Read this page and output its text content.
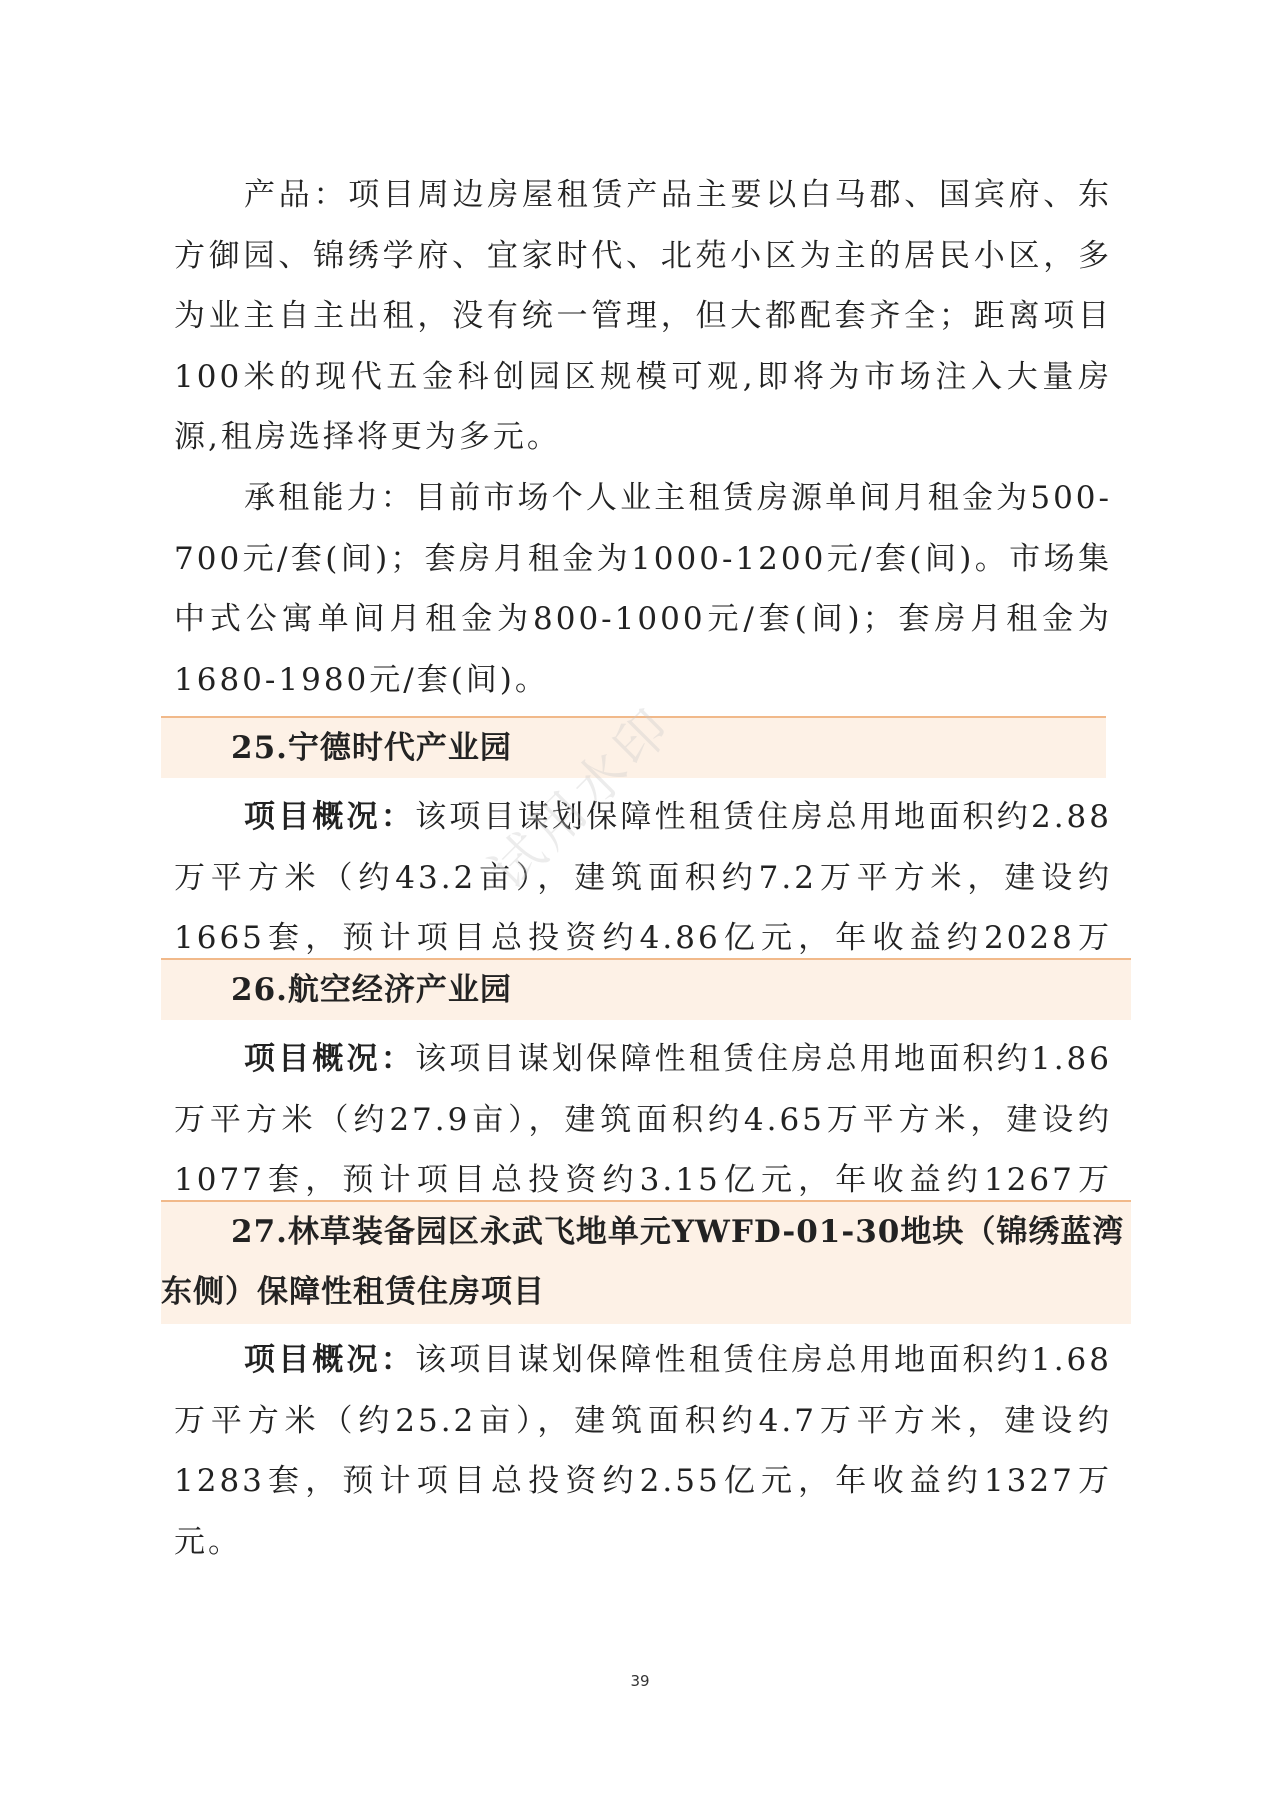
产品：项目周边房屋租赁产品主要以白马郡、国宾府、东方御园、锦绣学府、宜家时代、北苑小区为主的居民小区，多为业主自主出租，没有统一管理，但大都配套齐全；距离项目100米的现代五金科创园区规模可观,即将为市场注入大量房源,租房选择将更为多元。

承租能力：目前市场个人业主租赁房源单间月租金为500-700元/套(间)；套房月租金为1000-1200元/套(间)。市场集中式公寓单间月租金为800-1000元/套(间)；套房月租金为1680-1980元/套(间)。

25.宁德时代产业园

项目概况：该项目谋划保障性租赁住房总用地面积约2.88万平方米（约43.2亩），建筑面积约7.2万平方米，建设约1665套，预计项目总投资约4.86亿元，年收益约2028万

26.航空经济产业园

项目概况：该项目谋划保障性租赁住房总用地面积约1.86万平方米（约27.9亩），建筑面积约4.65万平方米，建设约1077套，预计项目总投资约3.15亿元，年收益约1267万

27.林草装备园区永武飞地单元YWFD-01-30地块（锦绣蓝湾东侧）保障性租赁住房项目

项目概况：该项目谋划保障性租赁住房总用地面积约1.68万平方米（约25.2亩），建筑面积约4.7万平方米，建设约1283套，预计项目总投资约2.55亿元，年收益约1327万元。

试用水印
39
